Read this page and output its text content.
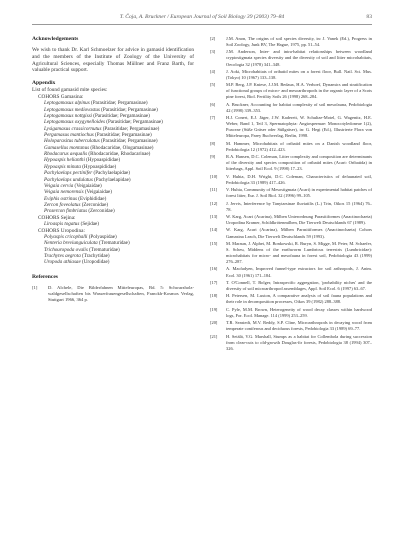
T. Čoja, A. Bruckner / European Journal of Soil Biology 39 (2003) 79–84	83
Acknowledgements

We wish to thank Dr. Karl Schmoelzer for advice in gamasid identification and the members of the Institute of Zoology of the University of Agricultural Sciences, especially Thomas Müllner and Franz Barth, for valuable practical support.

Appendix
List of found gamasid mite species:
COHORS Gamasina:
Leptogamasus alpinus (Parasitidae; Pergamasinae)
Leptogamasus mediovastus (Parasitidae; Pergamasinae)
Leptogamasus nottgissi (Parasitidae; Pergamasinae)
Leptogamasus oxygynelloides (Parasitidae; Pergamasinae)
Lysigamasus crassicornutus (Parasitidae; Pergamasinae)
Pergamasus mantiochus (Parasitidae; Pergamasinae)
Holoparasitus tuberculatus (Parasitidae; Pergamasinae)
Gamasellus montanus (Rhodacaridae, Ologamasinae)
Rhodacarus aequalis (Rhodacaridae, Rhodacarinae)
Hypoaspis helianthi (Hypoaspididae)
Hypoaspis minuta (Hypoaspididae)
Pachylaelaps pectinifer (Pachylaelapidae)
Pachylaelaps undulatus (Pachylaelapidae)
Veigaia cervia (Veigaiaidae)
Veigaia nemorensis (Veigaiaidae)
Eviphis ostrinus (Eviphididae)
Zercon foveolatus (Zerconidae)
Prozercon fimbriatus (Zerconidae)
COHORS Sejina:
Liroaspis togatus (Sejidae)
COHORS Uropodina:
Polyaspis cricophalli (Polyaspidae)
Nenteria breviunguiculata (Trematuridae)
Trichouropoda ovalis (Trematuridae)
Trachytes aegrota (Trachytidae)
Uropoda athiasae (Uropodidae)
References
[1] D. Alchele, Die Bilderfahnen Mitteleuropas, Bd. 5: Schwarzholz-waldgesellschaften bis Wasserfrauengesellschaften, Franckh-Kosmos Verlag, Stuttgart 1966, 364 p.
[2] J.M. Anon, The origins of soil species diversity, in: J. Vanek (Ed.), Progress in Soil Zoology, Junk BV, The Hague, 1975, pp. 51–54.
[3] J.M. Anderson, Inter- and intra-habitat relationships between woodland cryptostigmata species diversity and the diversity of soil and litter microhabitats, Oecologia 32 (1978) 341–348.
[4] J. Aoki, Microhabitats of oribatid mites on a forest floor, Bull. Natl. Sci. Mus. (Tokyo) 10 (1967) 133–138.
[5] M.P. Berg, J.P. Kniese, J.J.M. Bedaux, H.A. Verhoef, Dynamics and stratification of functional groups of micro- and mesoarthropods in the organic layer of a Scots pine forest, Biol. Fertility Soils 26 (1998) 268–284.
[6] A. Bruckner, Accounting for habitat complexity of soil mesofauna, Pedobiologia 42 (1998) 339–353.
[7] H.J. Conert, E.J. Jäger, J.W. Kadereit, W. Schultze-Motel, G. Wagenitz, H.E. Weber, Band 1, Teil 3, Spermatophyta: Angiospermae: Monocotyledoneae 1(2), Poaceae (Süße Gräser oder Süßgräser), in: G. Hegi (Ed.), Illustrierte Flora von Mitteleuropa, Parey Buchverlag, Berlin, 1998.
[8] M. Hammer, Microhabitats of oribatid mites on a Danish woodland floor, Pedobiologia 12 (1972) 412–423.
[9] R.A. Hansen, D.C. Coleman, Litter complexity and composition are determinants of the diversity and species composition of oribatid mites (Acari: Oribatida) in litterbags, Appl. Soil Ecol. 9 (1998) 17–23.
[10] V. Huhta, D.H. Wright, D.C. Coleman, Characteristics of defaunated soil, Pedobiologia 33 (1989) 417–426.
[11] V. Huhta, Community of Mesostigmata (Acari) in experimental habitat patches of forest litter, Eur. J. Soil Biol. 32 (1996) 99–105.
[12] J. Jervis, Interference by Tanytarsinae fluviatilis (L.) Trin, Oikos 15 (1964) 76–78.
[13] W. Karg, Acari (Acarina), Milben Unterordnung Parasitiformes (Anactinochaeta) Uropodina Kramer, Schildkrötenmilben, Die Tierwelt Deutschlands 67 (1989).
[14] W. Karg, Acari (Acarina), Milben Parasitiformes (Anactinochaeta) Cohors Gamasina Leach, Die Tierwelt Deutschlands 59 (1993).
[15] M. Maraun, J. Alphei, M. Bonkowski, R. Buryn, S. Migge, M. Peter, M. Schaefer, S. Scheu, Middens of the earthworm Lumbricus terrestris (Lumbricidae): microhabitats for micro- and mesofauna in forest soil, Pedobiologia 43 (1999) 276–287.
[16] A. Macfadyen, Improved funnel-type extractors for soil arthropods, J. Anim. Ecol. 30 (1961) 171–184.
[17] T. O'Connell, T. Bolger, Intraspecific aggregation, 'probability niches' and the diversity of soil microarthropod assemblages, Appl. Soil Ecol. 6 (1997) 63–67.
[18] H. Petersen, M. Luxton, A comparative analysis of soil fauna populations and their role in decomposition processes, Oikos 39 (1982) 288–388.
[19] C. Pyle, M.M. Brown, Heterogeneity of wood decay classes within hardwood logs, For. Ecol. Manage. 114 (1999) 253–259.
[20] T.R. Seastedt, M.V. Reddy, S.P. Cline, Microarthropods in decaying wood from temperate coniferous and deciduous forests, Pedobiologia 33 (1989) 69–77.
[21] H. Setälä, V.G. Marshall, Stumps as a habitat for Collembola during succession from clear-cuts to old-growth Douglas-fir forests, Pedobiologia 38 (1994) 307–326.
